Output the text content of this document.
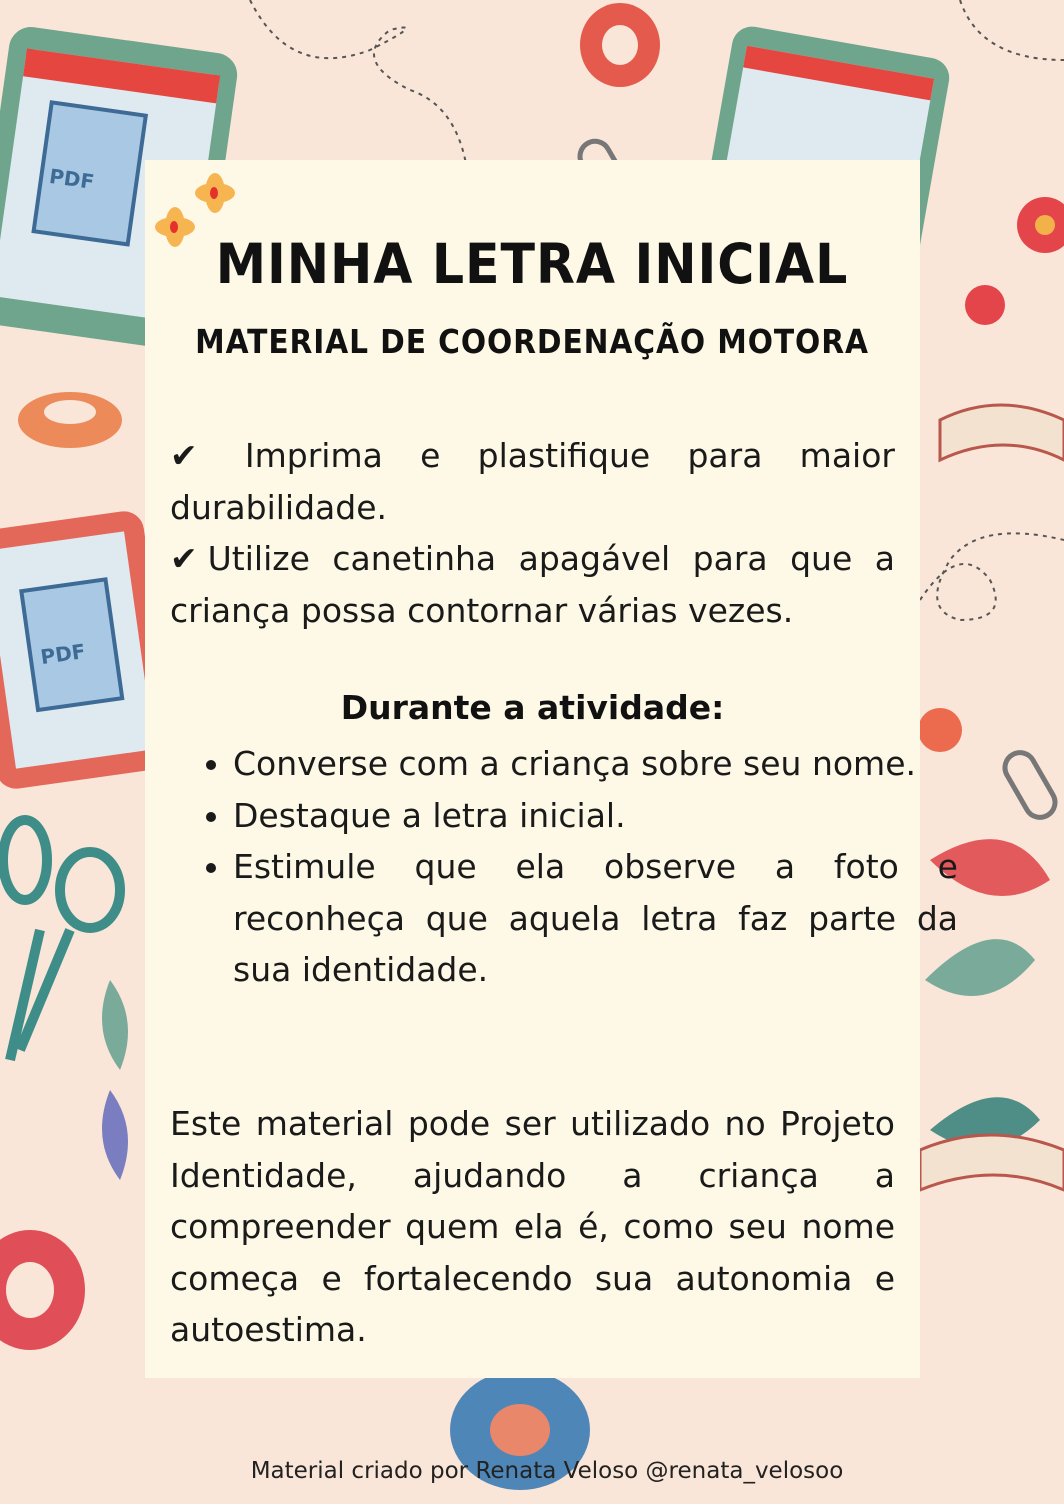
PDF
PDF
MINHA LETRA INICIAL
MATERIAL DE COORDENAÇÃO MOTORA

✔ Imprima e plastifique para maior durabilidade.

✔ Utilize canetinha apagável para que a criança possa contornar várias vezes.

Durante a atividade:
• Converse com a criança sobre seu nome.
• Destaque a letra inicial.
• Estimule que ela observe a foto e reconheça que aquela letra faz parte da sua identidade.

Este material pode ser utilizado no Projeto Identidade, ajudando a criança a compreender quem ela é, como seu nome começa e fortalecendo sua autonomia e autoestima.

Material criado por Renata Veloso @renata_velosoo
